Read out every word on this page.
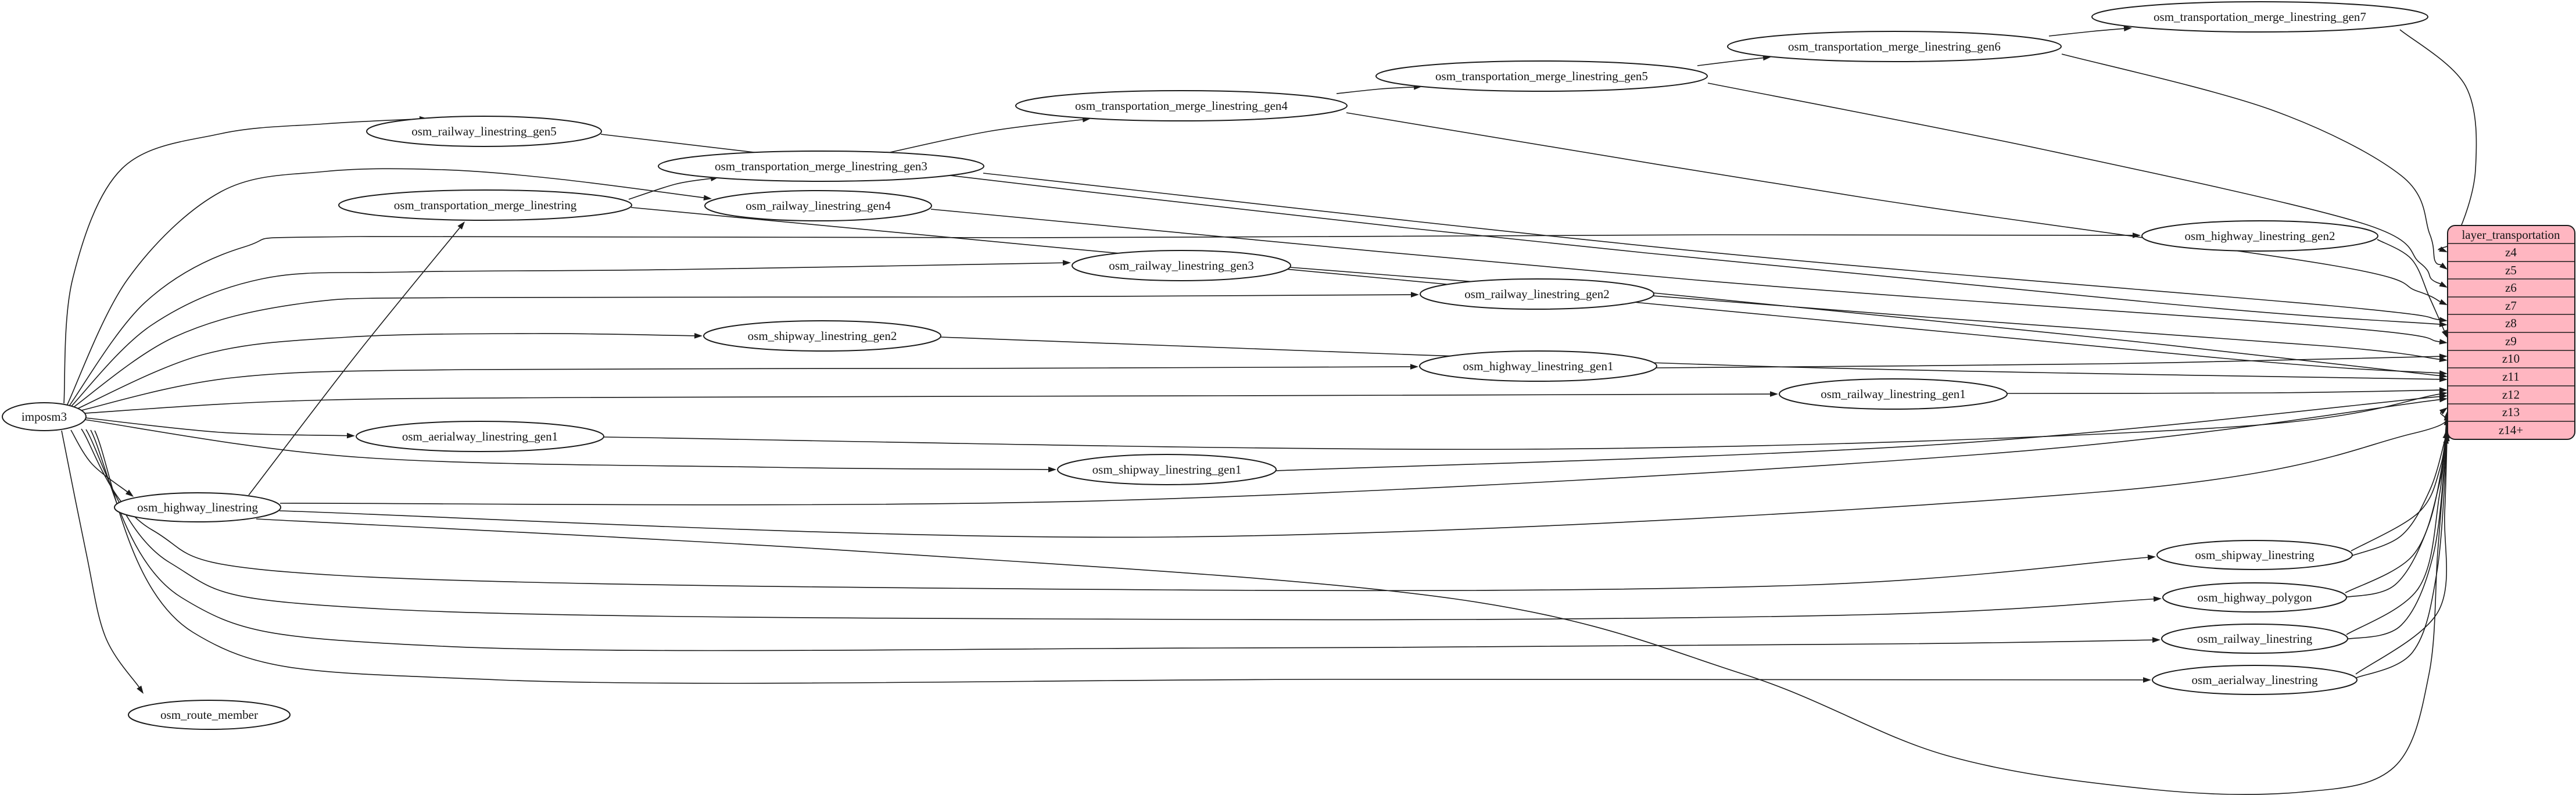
imposm3
osm_railway_linestring_gen5
osm_transportation_merge_linestring
osm_transportation_merge_linestring_gen3
osm_railway_linestring_gen4
osm_shipway_linestring_gen2
osm_transportation_merge_linestring_gen4
osm_railway_linestring_gen3
osm_shipway_linestring_gen1
osm_transportation_merge_linestring_gen5
osm_railway_linestring_gen2
osm_highway_linestring_gen1
osm_transportation_merge_linestring_gen6
osm_railway_linestring_gen1
osm_transportation_merge_linestring_gen7
osm_highway_linestring_gen2
osm_aerialway_linestring_gen1
osm_highway_linestring
osm_route_member
osm_shipway_linestring
osm_highway_polygon
osm_railway_linestring
osm_aerialway_linestring
layer_transportation
z4
z5
z6
z7
z8
z9
z10
z11
z12
z13
z14+
